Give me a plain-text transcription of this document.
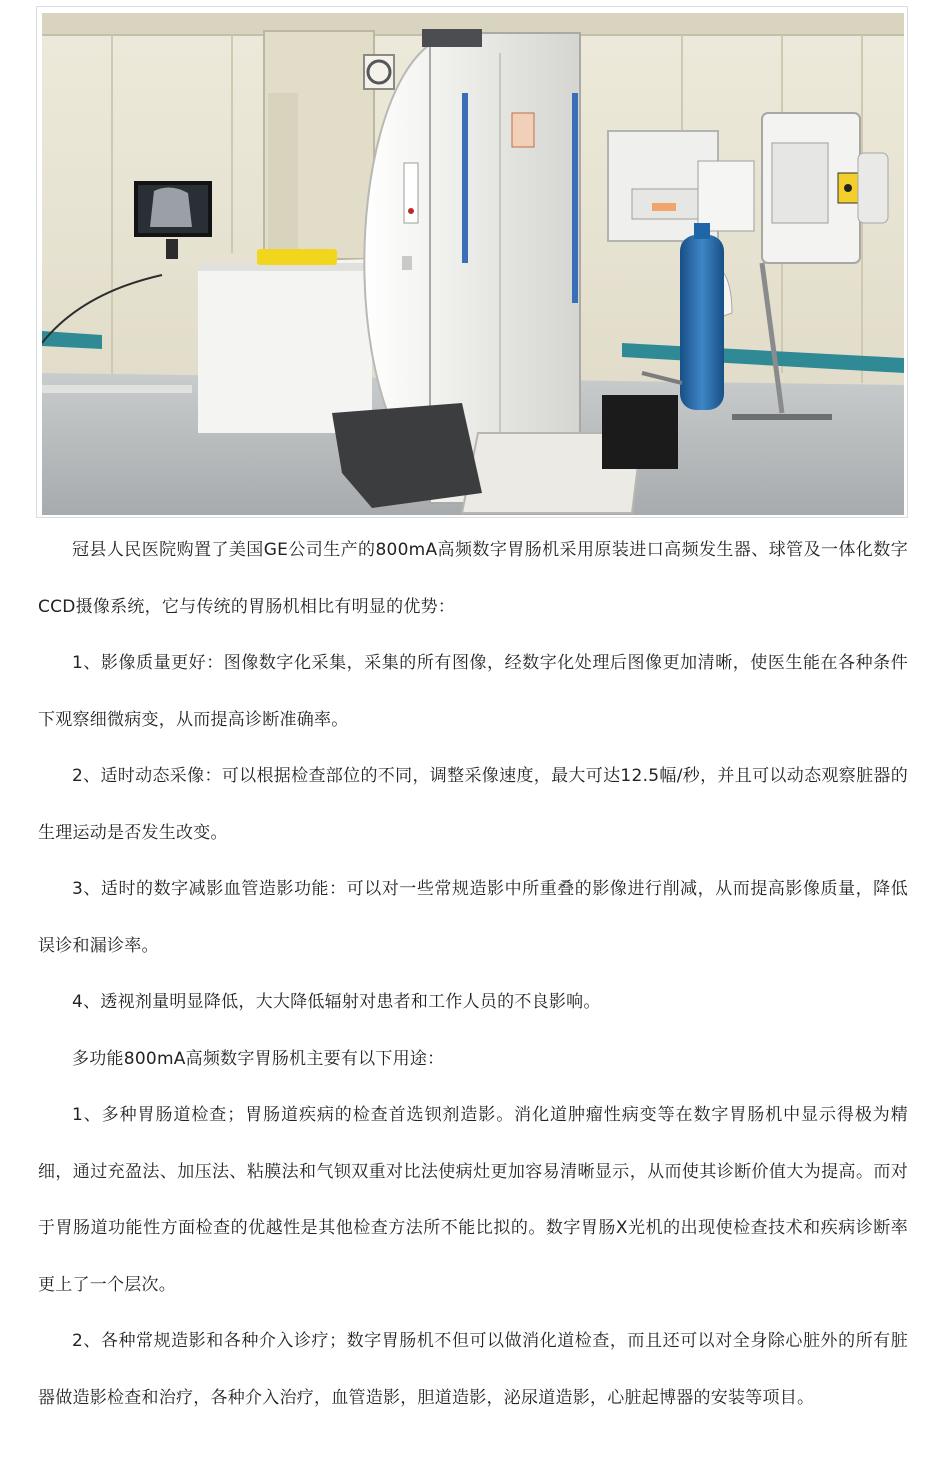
冠县人民医院购置了美国GE公司生产的800mA高频数字胃肠机采用原装进口高频发生器、球管及一体化数字CCD摄像系统，它与传统的胃肠机相比有明显的优势：

1、影像质量更好：图像数字化采集，采集的所有图像，经数字化处理后图像更加清晰，使医生能在各种条件下观察细微病变，从而提高诊断准确率。

2、适时动态采像：可以根据检查部位的不同，调整采像速度，最大可达12.5幅/秒，并且可以动态观察脏器的生理运动是否发生改变。

3、适时的数字减影血管造影功能：可以对一些常规造影中所重叠的影像进行削减，从而提高影像质量，降低误诊和漏诊率。

4、透视剂量明显降低，大大降低辐射对患者和工作人员的不良影响。

多功能800mA高频数字胃肠机主要有以下用途：

1、多种胃肠道检查；胃肠道疾病的检查首选钡剂造影。消化道肿瘤性病变等在数字胃肠机中显示得极为精细，通过充盈法、加压法、粘膜法和气钡双重对比法使病灶更加容易清晰显示，从而使其诊断价值大为提高。而对于胃肠道功能性方面检查的优越性是其他检查方法所不能比拟的。数字胃肠X光机的出现使检查技术和疾病诊断率更上了一个层次。

2、各种常规造影和各种介入诊疗；数字胃肠机不但可以做消化道检查，而且还可以对全身除心脏外的所有脏器做造影检查和治疗，各种介入治疗，血管造影，胆道造影，泌尿道造影，心脏起博器的安装等项目。
